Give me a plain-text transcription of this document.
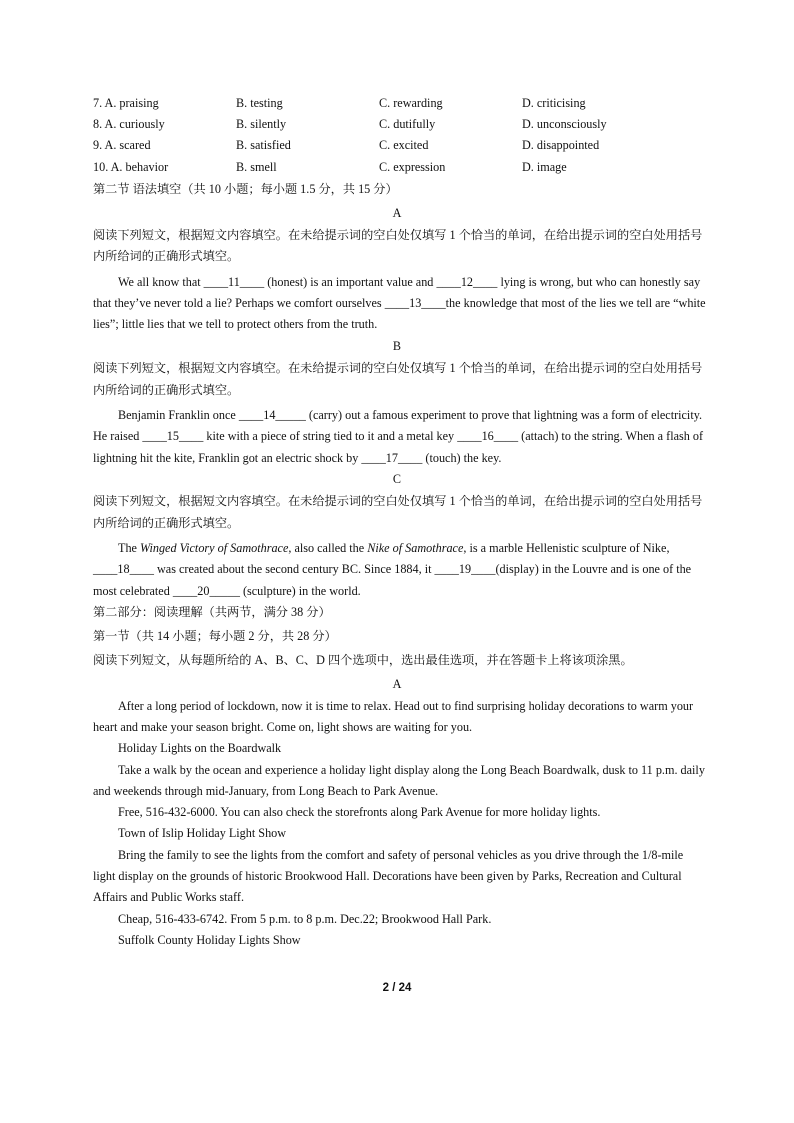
7. A. praising	B. testing	C. rewarding	D. criticising
8. A. curiously	B. silently	C. dutifully	D. unconsciously
9. A. scared	B. satisfied	C. excited	D. disappointed
10. A. behavior	B. smell	C. expression	D. image
第二节 语法填空（共 10 小题；每小题 1.5 分，共 15 分）
A
阅读下列短文，根据短文内容填空。在未给提示词的空白处仅填写 1 个恰当的单词，在给出提示词的空白处用括号
内所给词的正确形式填空。
We all know that ____11____ (honest) is an important value and ____12____ lying is wrong, but who can honestly say
that they’ve never told a lie? Perhaps we comfort ourselves ____13____the knowledge that most of the lies we tell are “white
lies”; little lies that we tell to protect others from the truth.
B
阅读下列短文，根据短文内容填空。在未给提示词的空白处仅填写 1 个恰当的单词，在给出提示词的空白处用括号
内所给词的正确形式填空。
Benjamin Franklin once ____14_____ (carry) out a famous experiment to prove that lightning was a form of electricity.
He raised ____15____ kite with a piece of string tied to it and a metal key ____16____ (attach) to the string. When a flash of
lightning hit the kite, Franklin got an electric shock by ____17____ (touch) the key.
C
阅读下列短文，根据短文内容填空。在未给提示词的空白处仅填写 1 个恰当的单词，在给出提示词的空白处用括号
内所给词的正确形式填空。
The Winged Victory of Samothrace, also called the Nike of Samothrace, is a marble Hellenistic sculpture of Nike,
____18____ was created about the second century BC. Since 1884, it ____19____(display) in the Louvre and is one of the
most celebrated ____20_____ (sculpture) in the world.
第二部分：阅读理解（共两节，满分 38 分）
第一节（共 14 小题；每小题 2 分，共 28 分）
阅读下列短文，从每题所给的 A、B、C、D 四个选项中，选出最佳选项，并在答题卡上将该项涂黑。
A
After a long period of lockdown, now it is time to relax. Head out to find surprising holiday decorations to warm your
heart and make your season bright. Come on, light shows are waiting for you.
Holiday Lights on the Boardwalk
Take a walk by the ocean and experience a holiday light display along the Long Beach Boardwalk, dusk to 11 p.m. daily
and weekends through mid-January, from Long Beach to Park Avenue.
Free, 516-432-6000. You can also check the storefronts along Park Avenue for more holiday lights.
Town of Islip Holiday Light Show
Bring the family to see the lights from the comfort and safety of personal vehicles as you drive through the 1/8-mile
light display on the grounds of historic Brookwood Hall. Decorations have been given by Parks, Recreation and Cultural
Affairs and Public Works staff.
Cheap, 516-433-6742. From 5 p.m. to 8 p.m. Dec.22; Brookwood Hall Park.
Suffolk County Holiday Lights Show
2 / 24
